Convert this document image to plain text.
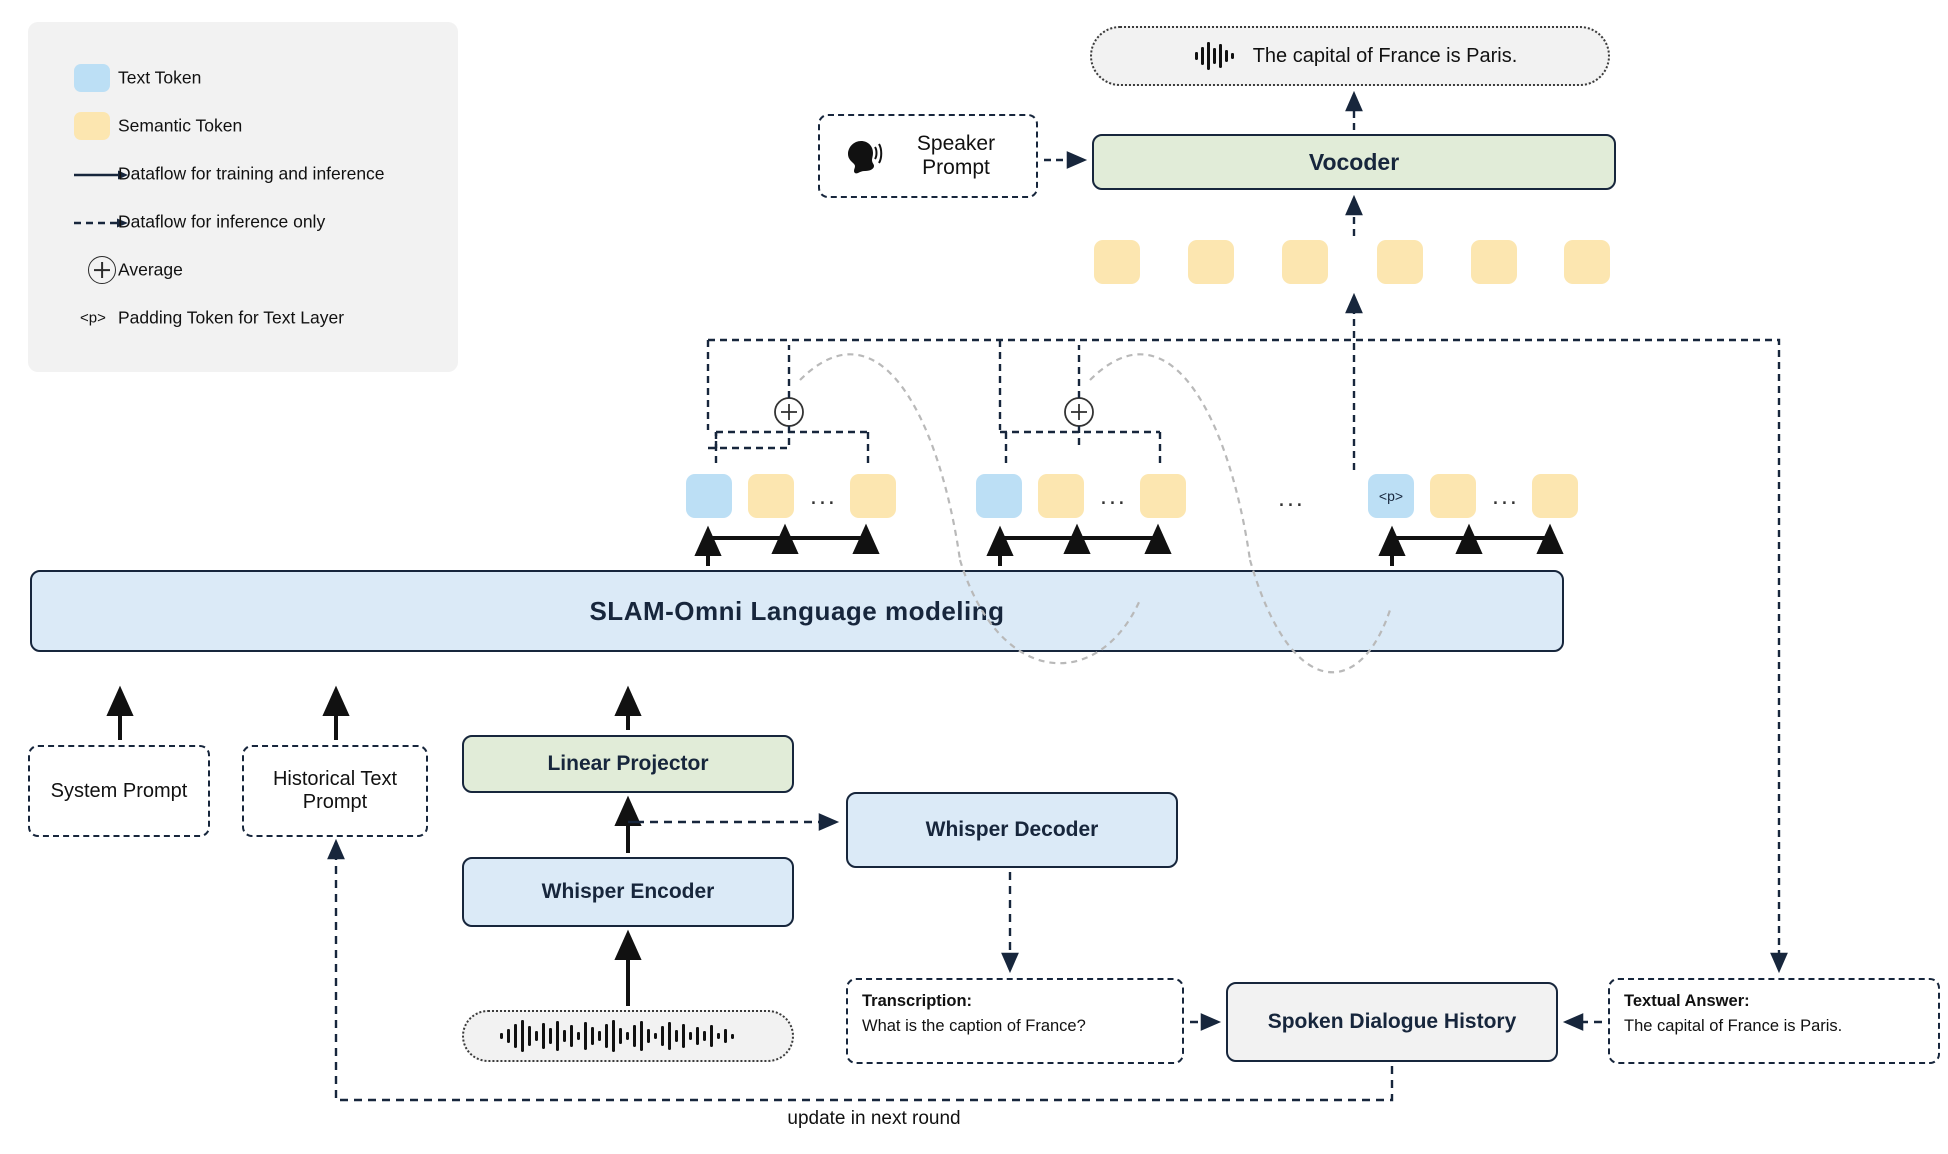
Text Token
Semantic Token
Dataflow for training and inference
Dataflow for inference only
Average
<p> Padding Token for Text Layer
The capital of France is Paris.
Vocoder
Speaker Prompt
...	...	...	<p>	...
SLAM-Omni Language modeling
System Prompt
Historical Text Prompt
Linear Projector
Whisper Encoder
Whisper Decoder
Transcription:
What is the caption of France?	Spoken Dialogue History
Textual Answer:
The capital of France is Paris.
update in next round
